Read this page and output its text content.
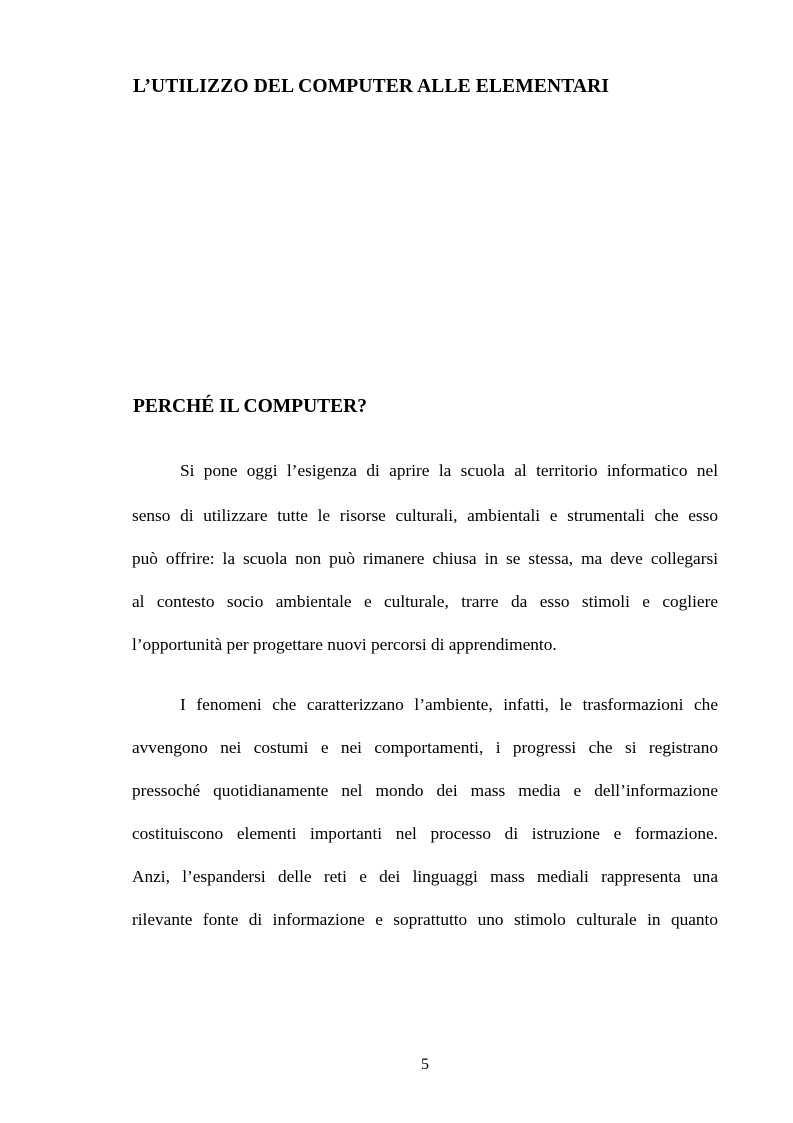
L’UTILIZZO DEL COMPUTER ALLE ELEMENTARI
PERCHÉ IL COMPUTER?

Si pone oggi l’esigenza di aprire la scuola al territorio informatico nel

senso di utilizzare tutte le risorse culturali, ambientali e strumentali che esso

può offrire: la scuola non può rimanere chiusa in se stessa, ma deve collegarsi

al contesto socio ambientale e culturale, trarre da esso stimoli e cogliere

l’opportunità per progettare nuovi percorsi di apprendimento.

I fenomeni che caratterizzano l’ambiente, infatti, le trasformazioni che

avvengono nei costumi e nei comportamenti, i progressi che si registrano

pressoché quotidianamente nel mondo dei mass media e dell’informazione

costituiscono elementi importanti nel processo di istruzione e formazione.

Anzi, l’espandersi delle reti e dei linguaggi mass mediali rappresenta una

rilevante fonte di informazione e soprattutto uno stimolo culturale in quanto

5
